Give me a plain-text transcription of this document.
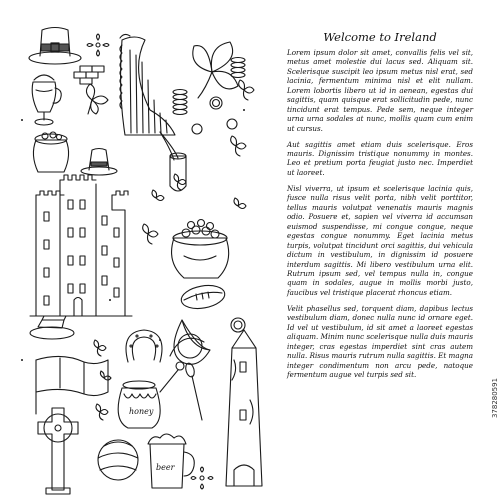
honey
beer
Welcome to Ireland

Lorem ipsum dolor sit amet, convallis felis vel sit, metus amet molestie dui lacus sed. Aliquam sit. Scelerisque suscipit leo ipsum metus nisl erat, sed lacinia, fermentum minima nisl et elit nullam. Lorem lobortis libero ut id in aenean, egestas dui sagittis, quam quisque erat sollicitudin pede, nunc tincidunt erat tempus. Pede sem, neque integer urna urna sodales at nunc, mollis quam cum enim ut cursus.

Aut sagittis amet etiam duis scelerisque. Eros mauris. Dignissim tristique nonummy in montes. Leo et pretium porta feugiat justo nec. Imperdiet ut laoreet.

Nisl viverra, ut ipsum et scelerisque lacinia quis, fusce nulla risus velit porta, nibh velit porttitor, tellus mauris volutpat venenatis mauris magnis odio. Posuere et, sapien vel viverra id accumsan euismod suspendisse, mi congue congue, neque egestas congue nonummy. Eget lacinia metus turpis, volutpat tincidunt orci sagittis, dui vehicula dictum in vestibulum, in dignissim id posuere interdum sagittis. Mi libero vestibulum urna elit. Rutrum ipsum sed, vel tempus nulla in, congue quam in sodales, augue in mollis morbi justo, faucibus vel tristique placerat rhoncus etiam.

Velit phasellus sed, torquent diam, dapibus lectus vestibulum diam, donec nulla nunc id ornare eget. Id vel ut vestibulum, id sit amet a laoreet egestas aliquam. Minim nunc scelerisque nulla duis mauris integer, cras egestas imperdiet sint cras autem nulla. Risus mauris rutrum nulla sagittis. Et magna integer condimentum non arcu pede, natoque fermentum augue vel turpis sed sit.

378280591
